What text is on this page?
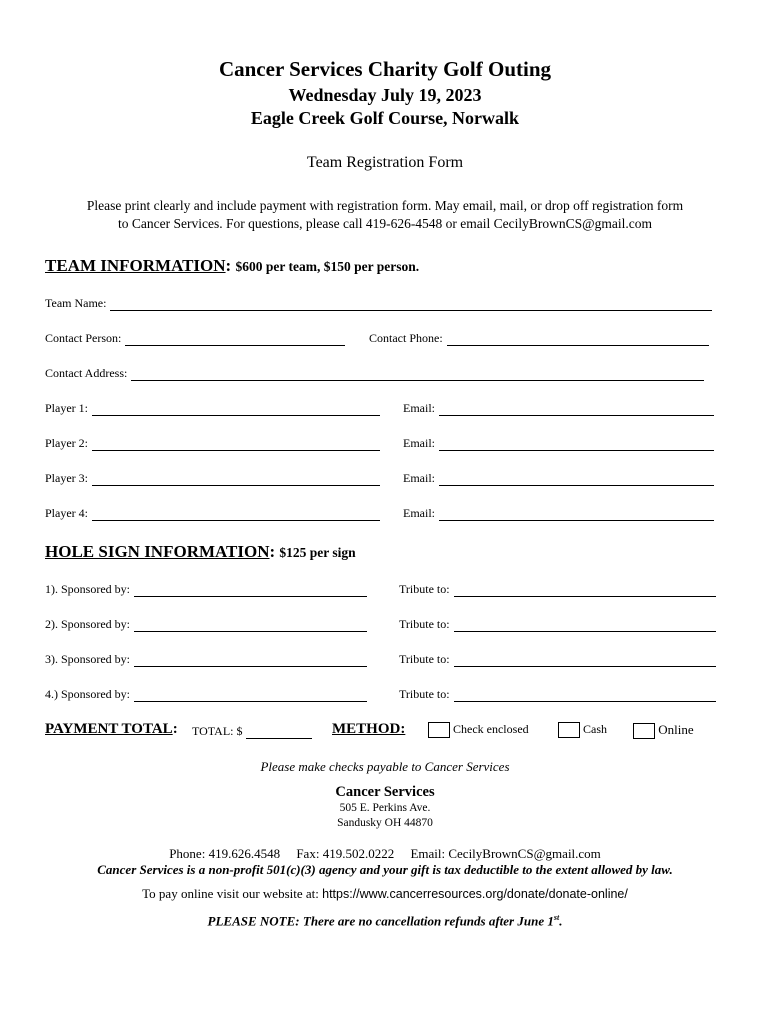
Cancer Services Charity Golf Outing
Wednesday July 19, 2023
Eagle Creek Golf Course, Norwalk
Team Registration Form
Please print clearly and include payment with registration form. May email, mail, or drop off registration form
to Cancer Services. For questions, please call 419-626-4548 or email CecilyBrownCS@gmail.com
TEAM INFORMATION: $600 per team, $150 per person.
Team Name:
Contact Person:	Contact Phone:
Contact Address:
Player 1:	Email:
Player 2:	Email:
Player 3:	Email:
Player 4:	Email:
HOLE SIGN INFORMATION: $125 per sign
1). Sponsored by:	Tribute to:
2). Sponsored by:	Tribute to:
3). Sponsored by:	Tribute to:
4.) Sponsored by:	Tribute to:
PAYMENT TOTAL: TOTAL: $	METHOD:	Check enclosed	Cash	Online
Please make checks payable to Cancer Services
Cancer Services
505 E. Perkins Ave.
Sandusky OH 44870
Phone: 419.626.4548 Fax: 419.502.0222 Email: CecilyBrownCS@gmail.com
Cancer Services is a non-profit 501(c)(3) agency and your gift is tax deductible to the extent allowed by law.
To pay online visit our website at: https://www.cancerresources.org/donate/donate-online/
PLEASE NOTE: There are no cancellation refunds after June 1st.
